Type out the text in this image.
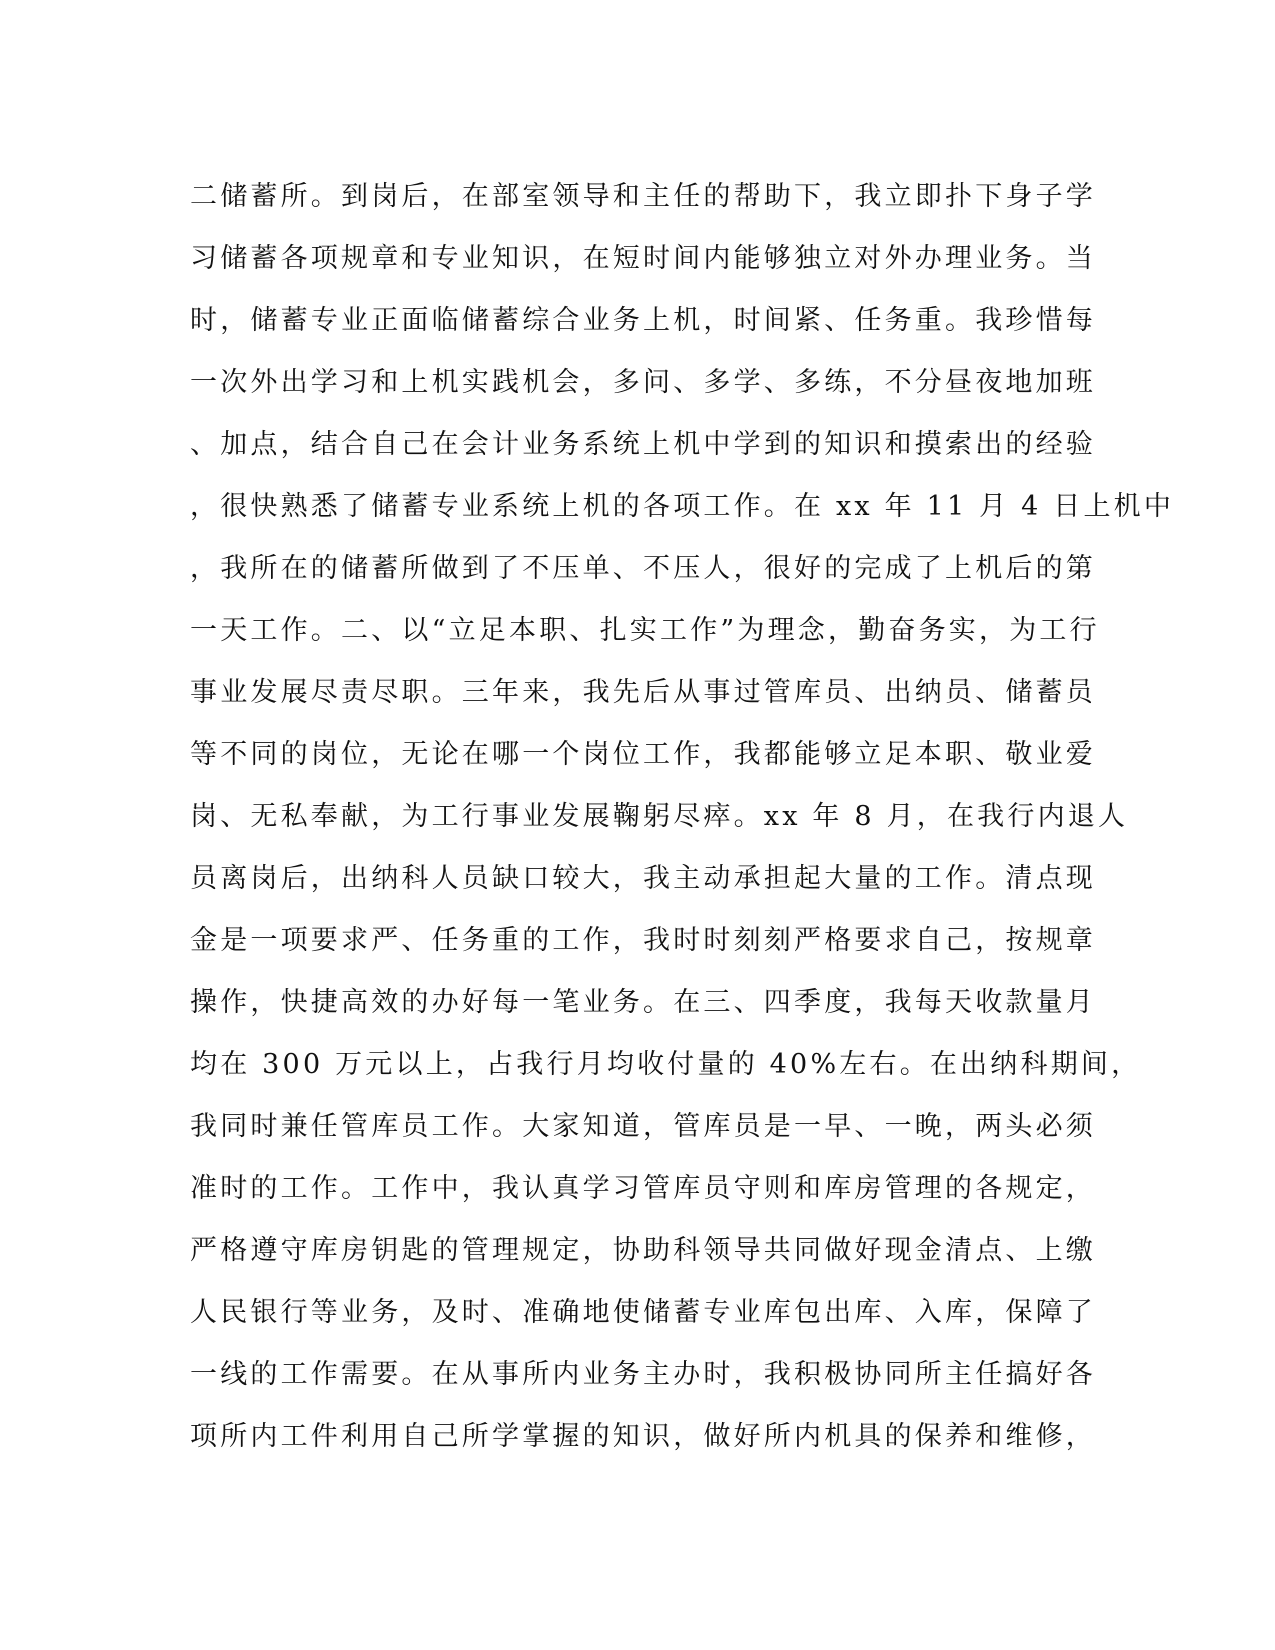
二储蓄所。到岗后，在部室领导和主任的帮助下，我立即扑下身子学
习储蓄各项规章和专业知识，在短时间内能够独立对外办理业务。当
时，储蓄专业正面临储蓄综合业务上机，时间紧、任务重。我珍惜每
一次外出学习和上机实践机会，多问、多学、多练，不分昼夜地加班
、加点，结合自己在会计业务系统上机中学到的知识和摸索出的经验
，很快熟悉了储蓄专业系统上机的各项工作。在 xx 年 11 月 4 日上机中
，我所在的储蓄所做到了不压单、不压人，很好的完成了上机后的第
一天工作。二、以“立足本职、扎实工作”为理念，勤奋务实，为工行
事业发展尽责尽职。三年来，我先后从事过管库员、出纳员、储蓄员
等不同的岗位，无论在哪一个岗位工作，我都能够立足本职、敬业爱
岗、无私奉献，为工行事业发展鞠躬尽瘁。xx 年 8 月，在我行内退人
员离岗后，出纳科人员缺口较大，我主动承担起大量的工作。清点现
金是一项要求严、任务重的工作，我时时刻刻严格要求自己，按规章
操作，快捷高效的办好每一笔业务。在三、四季度，我每天收款量月
均在 300 万元以上，占我行月均收付量的 40%左右。在出纳科期间，
我同时兼任管库员工作。大家知道，管库员是一早、一晚，两头必须
准时的工作。工作中，我认真学习管库员守则和库房管理的各规定，
严格遵守库房钥匙的管理规定，协助科领导共同做好现金清点、上缴
人民银行等业务，及时、准确地使储蓄专业库包出库、入库，保障了
一线的工作需要。在从事所内业务主办时，我积极协同所主任搞好各
项所内工件利用自己所学掌握的知识，做好所内机具的保养和维修，
